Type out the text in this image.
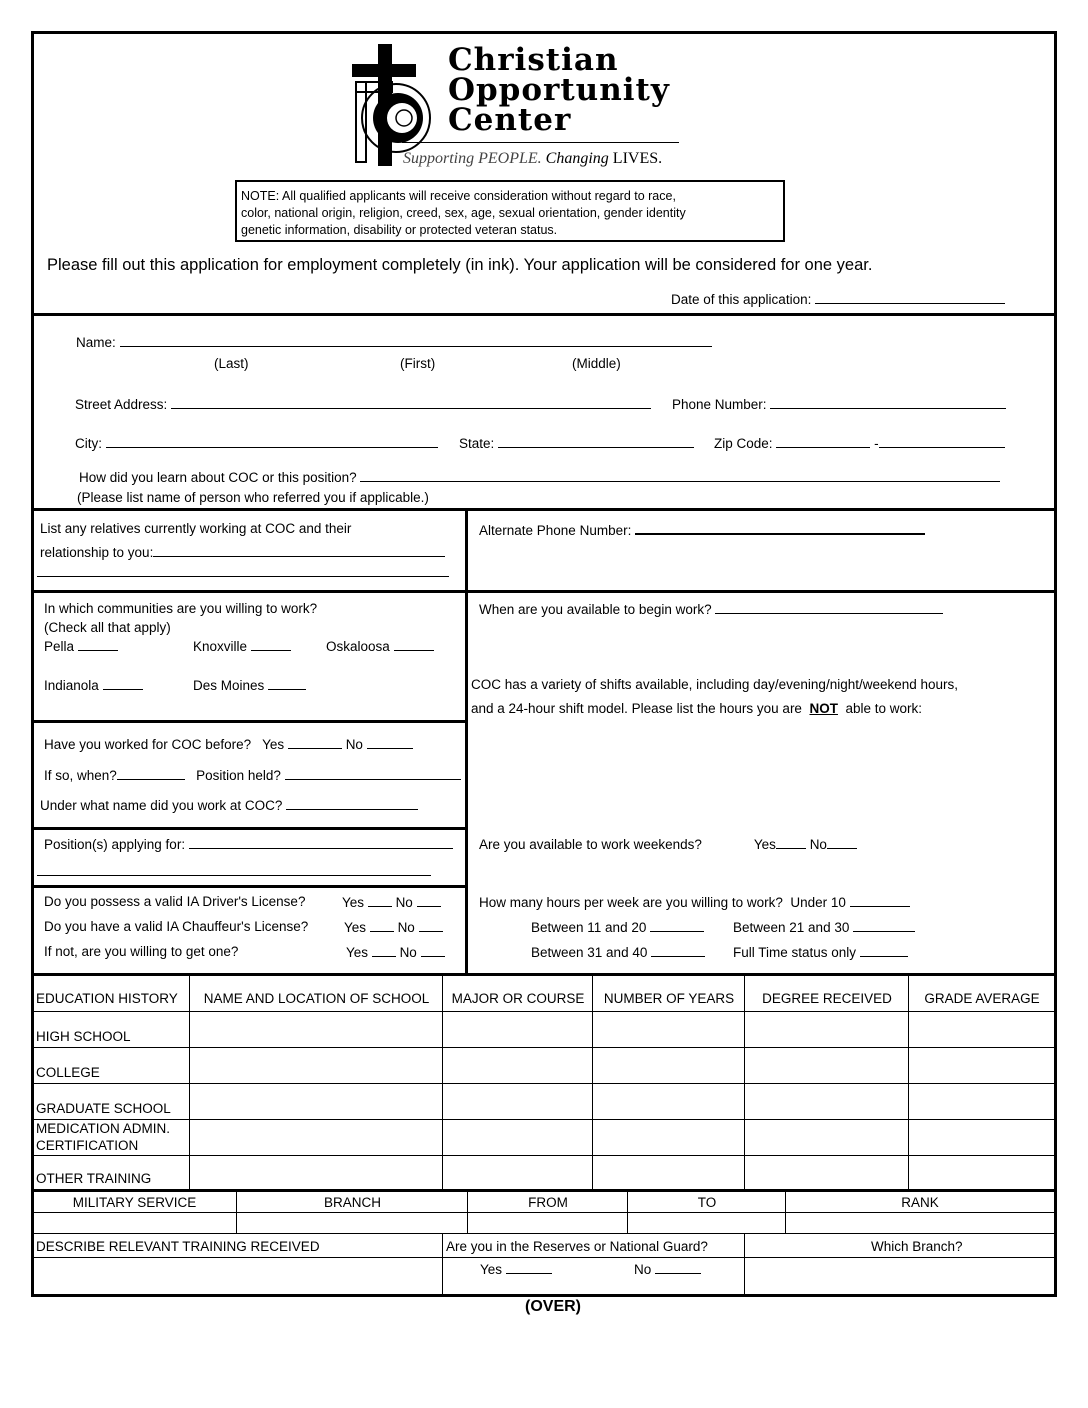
Christian
Opportunity
Center
Supporting PEOPLE. Changing LIVES.
NOTE: All qualified applicants will receive consideration without regard to race,
color, national origin, religion, creed, sex, age, sexual orientation, gender identity
genetic information, disability or protected veteran status.
Please fill out this application for employment completely (in ink). Your application will be considered for one year.
Date of this application:
Name:
(Last)	(First)	(Middle)
Street Address:	Phone Number:
City:	State:	Zip Code:	-
How did you learn about COC or this position?
(Please list name of person who referred you if applicable.)
List any relatives currently working at COC and their
relationship to you:
Alternate Phone Number:
In which communities are you willing to work?
(Check all that apply)
Pella	Knoxville	Oskaloosa
Indianola	Des Moines
When are you available to begin work?
COC has a variety of shifts available, including day/evening/night/weekend hours,
and a 24-hour shift model. Please list the hours you are NOT able to work:
Have you worked for COC before? Yes	No
If so, when?	Position held?
Under what name did you work at COC?
Position(s) applying for:	Are you available to work weekends?	Yes	No
Do you possess a valid IA Driver's License?	Yes No
Do you have a valid IA Chauffeur's License?	Yes No
If not, are you willing to get one?	Yes No
How many hours per week are you willing to work? Under 10
Between 11 and 20	Between 21 and 30
Between 31 and 40	Full Time status only
EDUCATION HISTORY	NAME AND LOCATION OF SCHOOL	MAJOR OR COURSE	NUMBER OF YEARS	DEGREE RECEIVED	GRADE AVERAGE
HIGH SCHOOL
COLLEGE
GRADUATE SCHOOL
MEDICATION ADMIN.
CERTIFICATION
OTHER TRAINING
MILITARY SERVICE	BRANCH	FROM	TO	RANK
DESCRIBE RELEVANT TRAINING RECEIVED	Are you in the Reserves or National Guard?	Which Branch?
Yes	No
(OVER)
